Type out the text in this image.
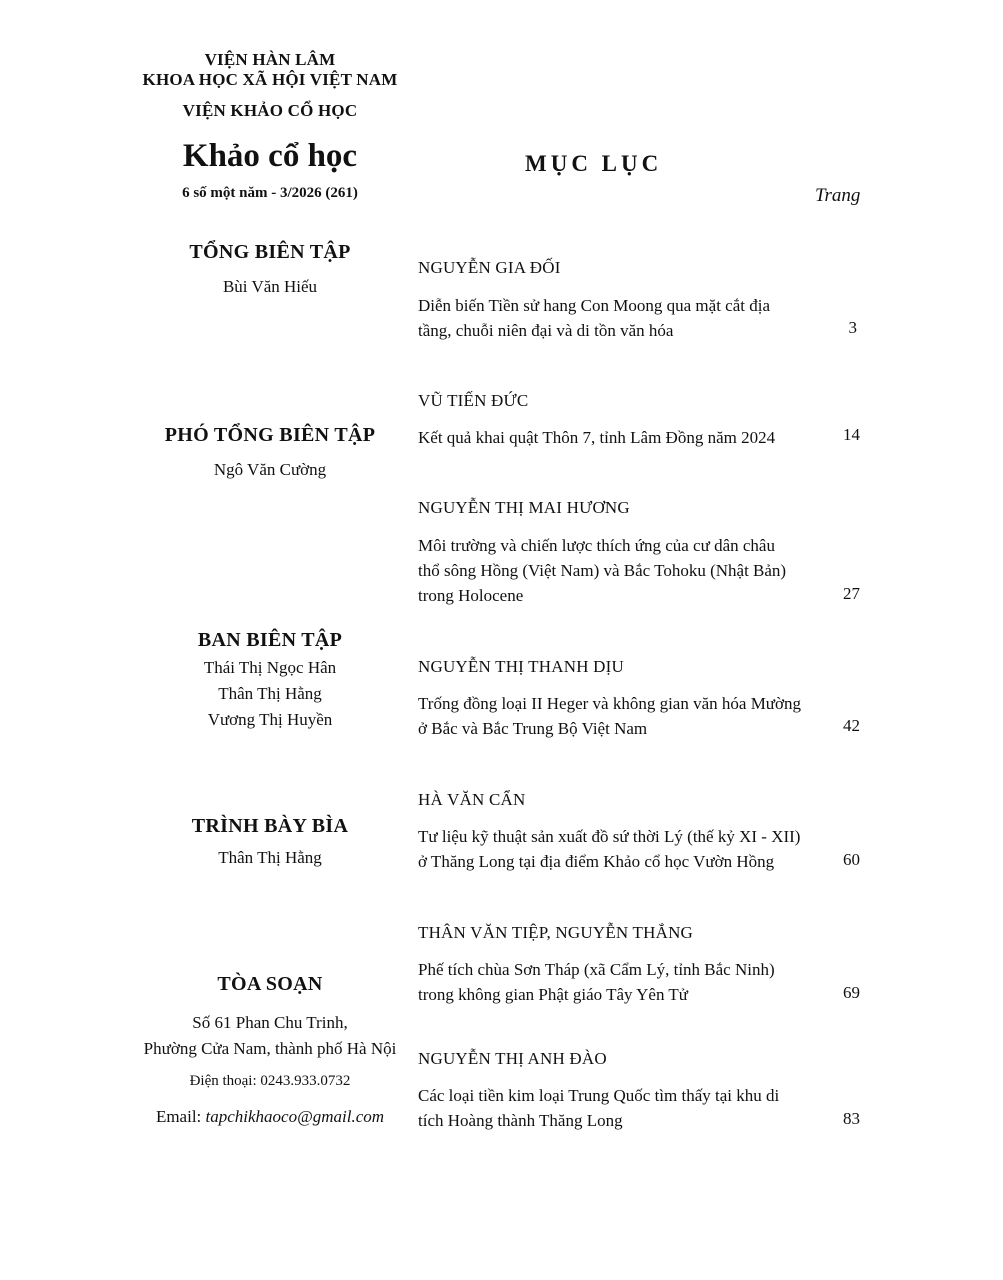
VIỆN HÀN LÂM
KHOA HỌC XÃ HỘI VIỆT NAM
VIỆN KHẢO CỔ HỌC
Khảo cổ học
6 số một năm - 3/2026 (261)
TỔNG BIÊN TẬP
Bùi Văn Hiếu
PHÓ TỔNG BIÊN TẬP
Ngô Văn Cường
BAN BIÊN TẬP
Thái Thị Ngọc Hân
Thân Thị Hằng
Vương Thị Huyền
TRÌNH BÀY BÌA
Thân Thị Hằng
TÒA SOẠN
Số 61 Phan Chu Trinh,
Phường Cửa Nam, thành phố Hà Nội
Điện thoại: 0243.933.0732
Email: tapchikhaoco@gmail.com
MỤC LỤC
Trang
NGUYỄN GIA ĐỐI
Diễn biến Tiền sử hang Con Moong qua mặt cắt địa
tầng, chuỗi niên đại và di tồn văn hóa	3
VŨ TIẾN ĐỨC
Kết quả khai quật Thôn 7, tỉnh Lâm Đồng năm 2024	14
NGUYỄN THỊ MAI HƯƠNG
Môi trường và chiến lược thích ứng của cư dân châu
thổ sông Hồng (Việt Nam) và Bắc Tohoku (Nhật Bản)
trong Holocene	27
NGUYỄN THỊ THANH DỊU
Trống đồng loại II Heger và không gian văn hóa Mường
ở Bắc và Bắc Trung Bộ Việt Nam	42
HÀ VĂN CẨN
Tư liệu kỹ thuật sản xuất đồ sứ thời Lý (thế kỷ XI - XII)
ở Thăng Long tại địa điểm Khảo cổ học Vườn Hồng	60
THÂN VĂN TIỆP, NGUYỄN THẮNG
Phế tích chùa Sơn Tháp (xã Cẩm Lý, tỉnh Bắc Ninh)
trong không gian Phật giáo Tây Yên Tử	69
NGUYỄN THỊ ANH ĐÀO
Các loại tiền kim loại Trung Quốc tìm thấy tại khu di
tích Hoàng thành Thăng Long	83
